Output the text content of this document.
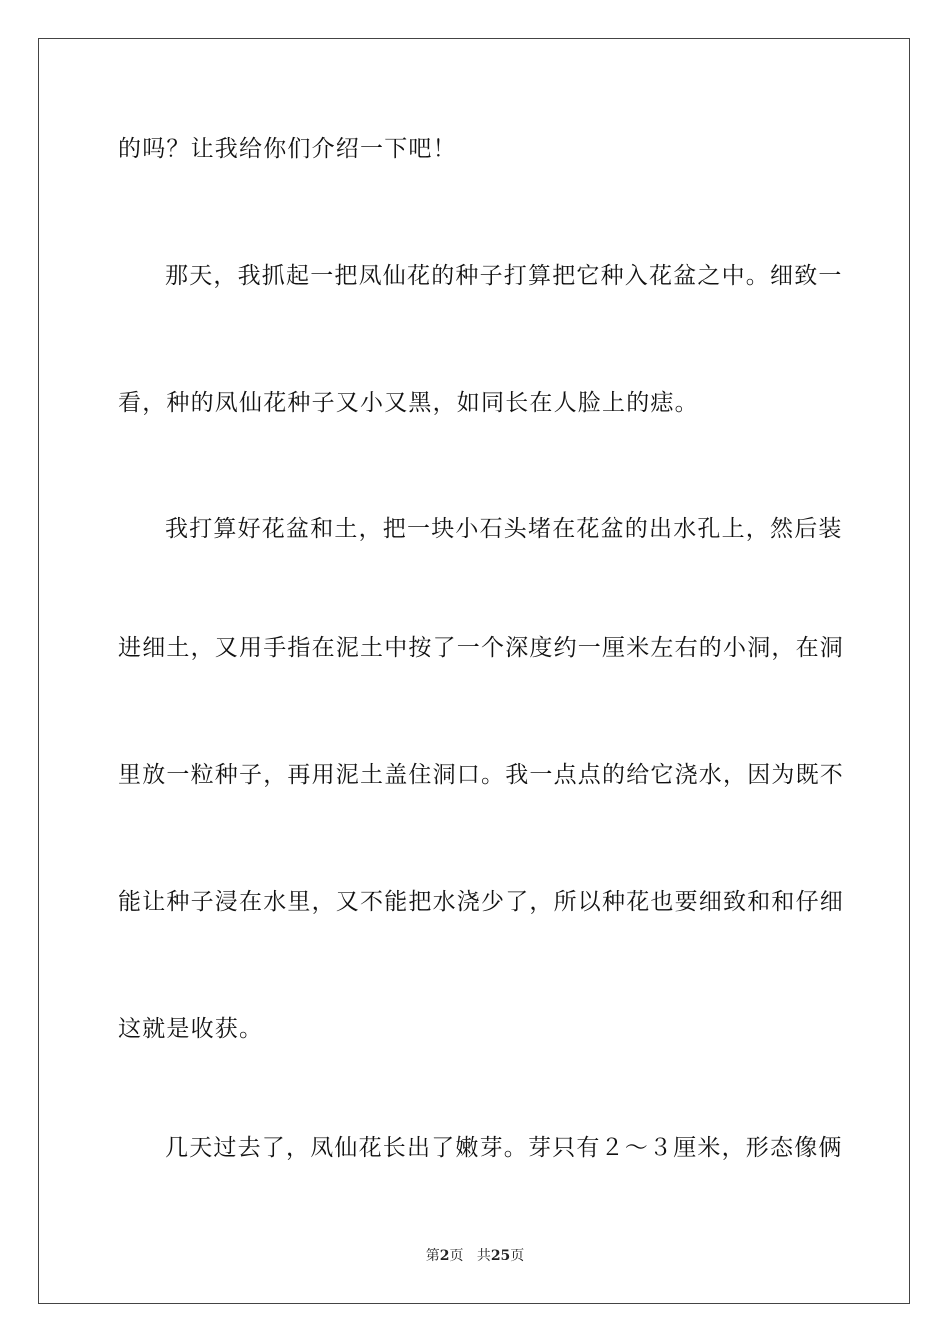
的吗？让我给你们介绍一下吧！
那天，我抓起一把凤仙花的种子打算把它种入花盆之中。细致一
看，种的凤仙花种子又小又黑，如同长在人脸上的痣。
我打算好花盆和土，把一块小石头堵在花盆的出水孔上，然后装
进细土，又用手指在泥土中按了一个深度约一厘米左右的小洞，在洞
里放一粒种子，再用泥土盖住洞口。我一点点的给它浇水，因为既不
能让种子浸在水里，又不能把水浇少了，所以种花也要细致和和仔细
这就是收获。
几天过去了，凤仙花长出了嫩芽。芽只有２～３厘米，形态像俩
第2页 共25页
